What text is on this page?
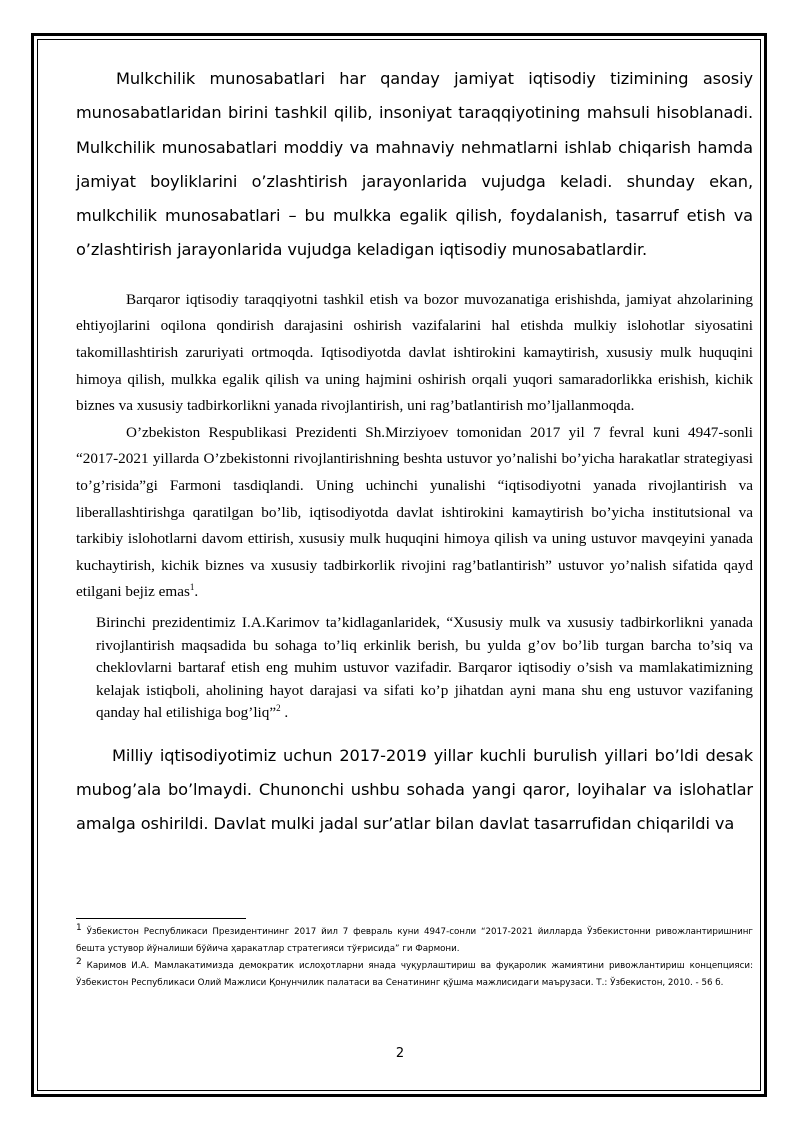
Mulkchilik munosabatlari har qanday jamiyat iqtisodiy tizimining asosiy munosabatlaridan birini tashkil qilib, insoniyat taraqqiyotining mahsuli hisoblanadi. Mulkchilik munosabatlari moddiy va mahnaviy nehmatlarni ishlab chiqarish hamda jamiyat boyliklarini o’zlashtirish jarayonlarida vujudga keladi. shunday ekan, mulkchilik munosabatlari – bu mulkka egalik qilish, foydalanish, tasarruf etish va o’zlashtirish jarayonlarida vujudga keladigan iqtisodiy munosabatlardir.

Barqaror iqtisodiy taraqqiyotni tashkil etish va bozor muvozanatiga erishishda, jamiyat ahzolarining ehtiyojlarini oqilona qondirish darajasini oshirish vazifalarini hal etishda mulkiy islohotlar siyosatini takomillashtirish zaruriyati ortmoqda. Iqtisodiyotda davlat ishtirokini kamaytirish, xususiy mulk huquqini himoya qilish, mulkka egalik qilish va uning hajmini oshirish orqali yuqori samaradorlikka erishish, kichik biznes va xususiy tadbirkorlikni yanada rivojlantirish, uni rag’batlantirish mo’ljallanmoqda.

O’zbekiston Respublikasi Prezidenti Sh.Mirziyoev tomonidan 2017 yil 7 fevral kuni 4947-sonli “2017-2021 yillarda O’zbekistonni rivojlantirishning beshta ustuvor yo’nalishi bo’yicha harakatlar strategiyasi to’g’risida”gi Farmoni tasdiqlandi. Uning uchinchi yunalishi “iqtisodiyotni yanada rivojlantirish va liberallashtirishga qaratilgan bo’lib, iqtisodiyotda davlat ishtirokini kamaytirish bo’yicha institutsional va tarkibiy islohotlarni davom ettirish, xususiy mulk huquqini himoya qilish va uning ustuvor mavqeyini yanada kuchaytirish, kichik biznes va xususiy tadbirkorlik rivojini rag’batlantirish” ustuvor yo’nalish sifatida qayd etilgani bejiz emas$^1$.

Birinchi prezidentimiz I.A.Karimov ta’kidlaganlaridek, “Xususiy mulk va xususiy tadbirkorlikni yanada rivojlantirish maqsadida bu sohaga to’liq erkinlik berish, bu yulda g’ov bo’lib turgan barcha to’siq va cheklovlarni bartaraf etish eng muhim ustuvor vazifadir. Barqaror iqtisodiy o’sish va mamlakatimizning kelajak istiqboli, aholining hayot darajasi va sifati ko’p jihatdan ayni mana shu eng ustuvor vazifaning qanday hal etilishiga bog’liq”$^2$ .

Milliy iqtisodiyotimiz uchun 2017-2019 yillar kuchli burulish yillari bo’ldi desak mubog’ala bo’lmaydi. Chunonchi ushbu sohada yangi qaror, loyihalar va islohatlar amalga oshirildi. Davlat mulki jadal sur’atlar bilan davlat tasarrufidan chiqarildi va

$^1$ Ўзбекистон Республикаси Президентининг 2017 йил 7 февраль куни 4947-сонли “2017-2021 йилларда Ўзбекистонни ривожлантиришнинг бешта устувор йўналиши бўйича ҳаракатлар стратегияси тўғрисида” ги Фармони.

$^2$ Каримов И.А. Мамлакатимизда демократик ислоҳотларни янада чуқурлаштириш ва фуқаролик жамиятини ривожлантириш концепцияси: Ўзбекистон Республикаси Олий Мажлиси Қонунчилик палатаси ва Сенатининг қўшма мажлисидаги маърузаси. Т.: Ўзбекистон, 2010. - 56 б.

2
